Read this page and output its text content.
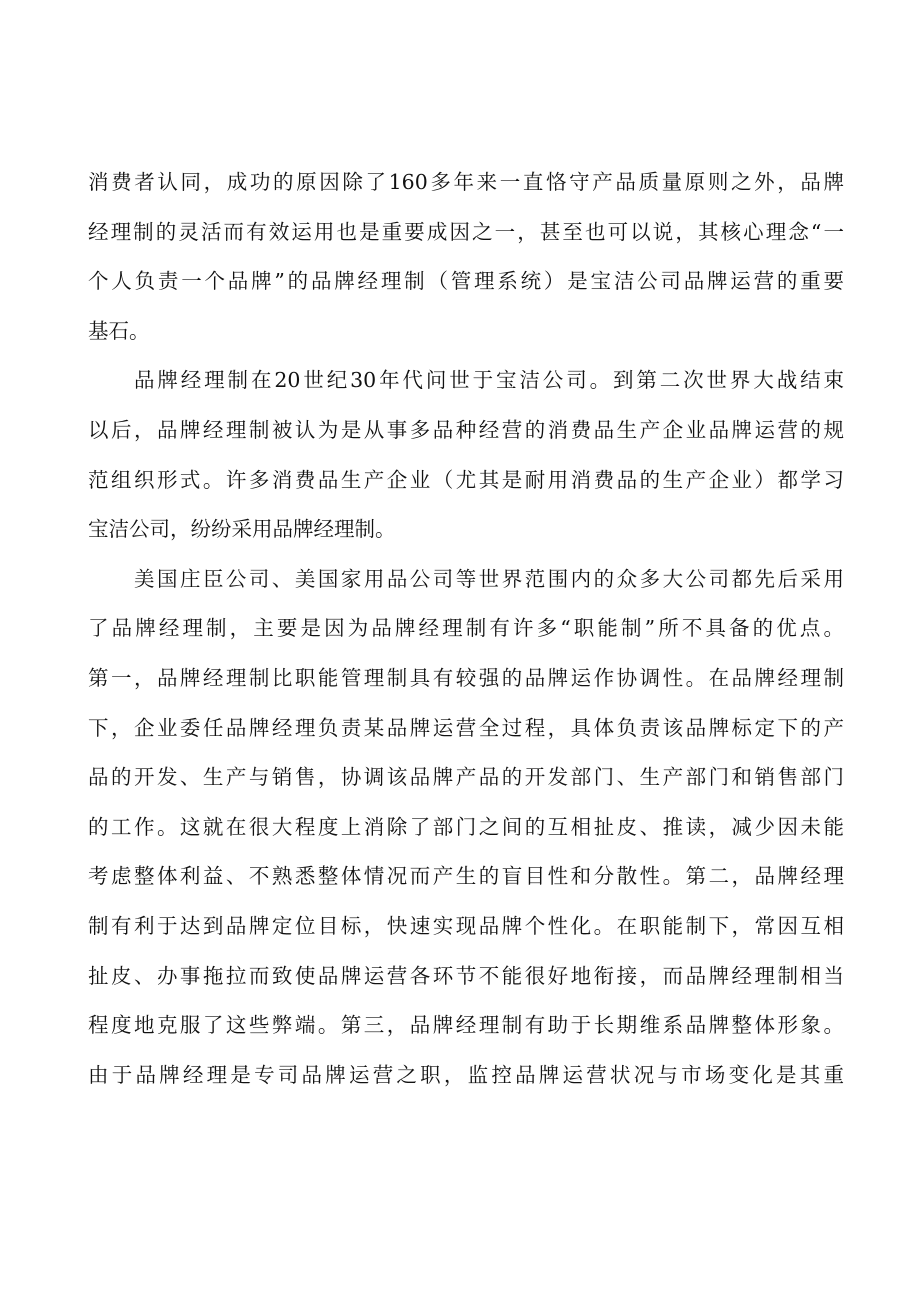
消费者认同，成功的原因除了160多年来一直恪守产品质量原则之外，品牌
经理制的灵活而有效运用也是重要成因之一，甚至也可以说，其核心理念“一
个人负责一个品牌”的品牌经理制（管理系统）是宝洁公司品牌运营的重要
基石。
品牌经理制在20世纪30年代问世于宝洁公司。到第二次世界大战结束
以后，品牌经理制被认为是从事多品种经营的消费品生产企业品牌运营的规
范组织形式。许多消费品生产企业（尤其是耐用消费品的生产企业）都学习
宝洁公司，纷纷采用品牌经理制。
美国庄臣公司、美国家用品公司等世界范围内的众多大公司都先后采用
了品牌经理制，主要是因为品牌经理制有许多“职能制”所不具备的优点。
第一，品牌经理制比职能管理制具有较强的品牌运作协调性。在品牌经理制
下，企业委任品牌经理负责某品牌运营全过程，具体负责该品牌标定下的产
品的开发、生产与销售，协调该品牌产品的开发部门、生产部门和销售部门
的工作。这就在很大程度上消除了部门之间的互相扯皮、推读，减少因未能
考虑整体利益、不熟悉整体情况而产生的盲目性和分散性。第二，品牌经理
制有利于达到品牌定位目标，快速实现品牌个性化。在职能制下，常因互相
扯皮、办事拖拉而致使品牌运营各环节不能很好地衔接，而品牌经理制相当
程度地克服了这些弊端。第三，品牌经理制有助于长期维系品牌整体形象。
由于品牌经理是专司品牌运营之职，监控品牌运营状况与市场变化是其重
